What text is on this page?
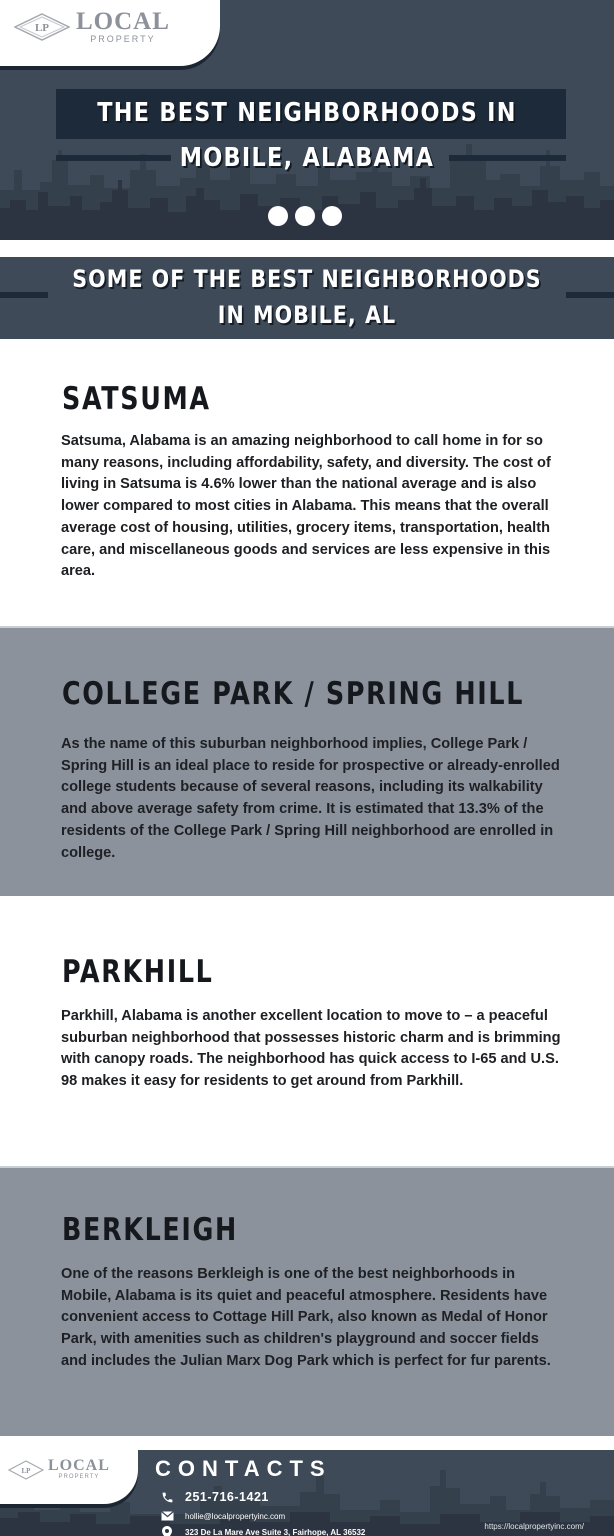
LP LOCAL
PROPERTY
THE BEST NEIGHBORHOODS IN
MOBILE, ALABAMA
SOME OF THE BEST NEIGHBORHOODS
IN MOBILE, AL
SATSUMA
Satsuma, Alabama is an amazing neighborhood to call home in for so many reasons, including affordability, safety, and diversity. The cost of living in Satsuma is 4.6% lower than the national average and is also lower compared to most cities in Alabama. This means that the overall average cost of housing, utilities, grocery items, transportation, health care, and miscellaneous goods and services are less expensive in this area.
COLLEGE PARK / SPRING HILL
As the name of this suburban neighborhood implies, College Park / Spring Hill is an ideal place to reside for prospective or already-enrolled college students because of several reasons, including its walkability and above average safety from crime. It is estimated that 13.3% of the residents of the College Park / Spring Hill neighborhood are enrolled in college.
PARKHILL
Parkhill, Alabama is another excellent location to move to – a peaceful suburban neighborhood that possesses historic charm and is brimming with canopy roads. The neighborhood has quick access to I-65 and U.S. 98 makes it easy for residents to get around from Parkhill.
BERKLEIGH
One of the reasons Berkleigh is one of the best neighborhoods in Mobile, Alabama is its quiet and peaceful atmosphere. Residents have convenient access to Cottage Hill Park, also known as Medal of Honor Park, with amenities such as children's playground and soccer fields and includes the Julian Marx Dog Park which is perfect for fur parents.
LP LOCAL
PROPERTY	CONTACTS
251-716-1421
hollie@localpropertyinc.com
323 De La Mare Ave Suite 3, Fairhope, AL 36532
https://localpropertyinc.com/
